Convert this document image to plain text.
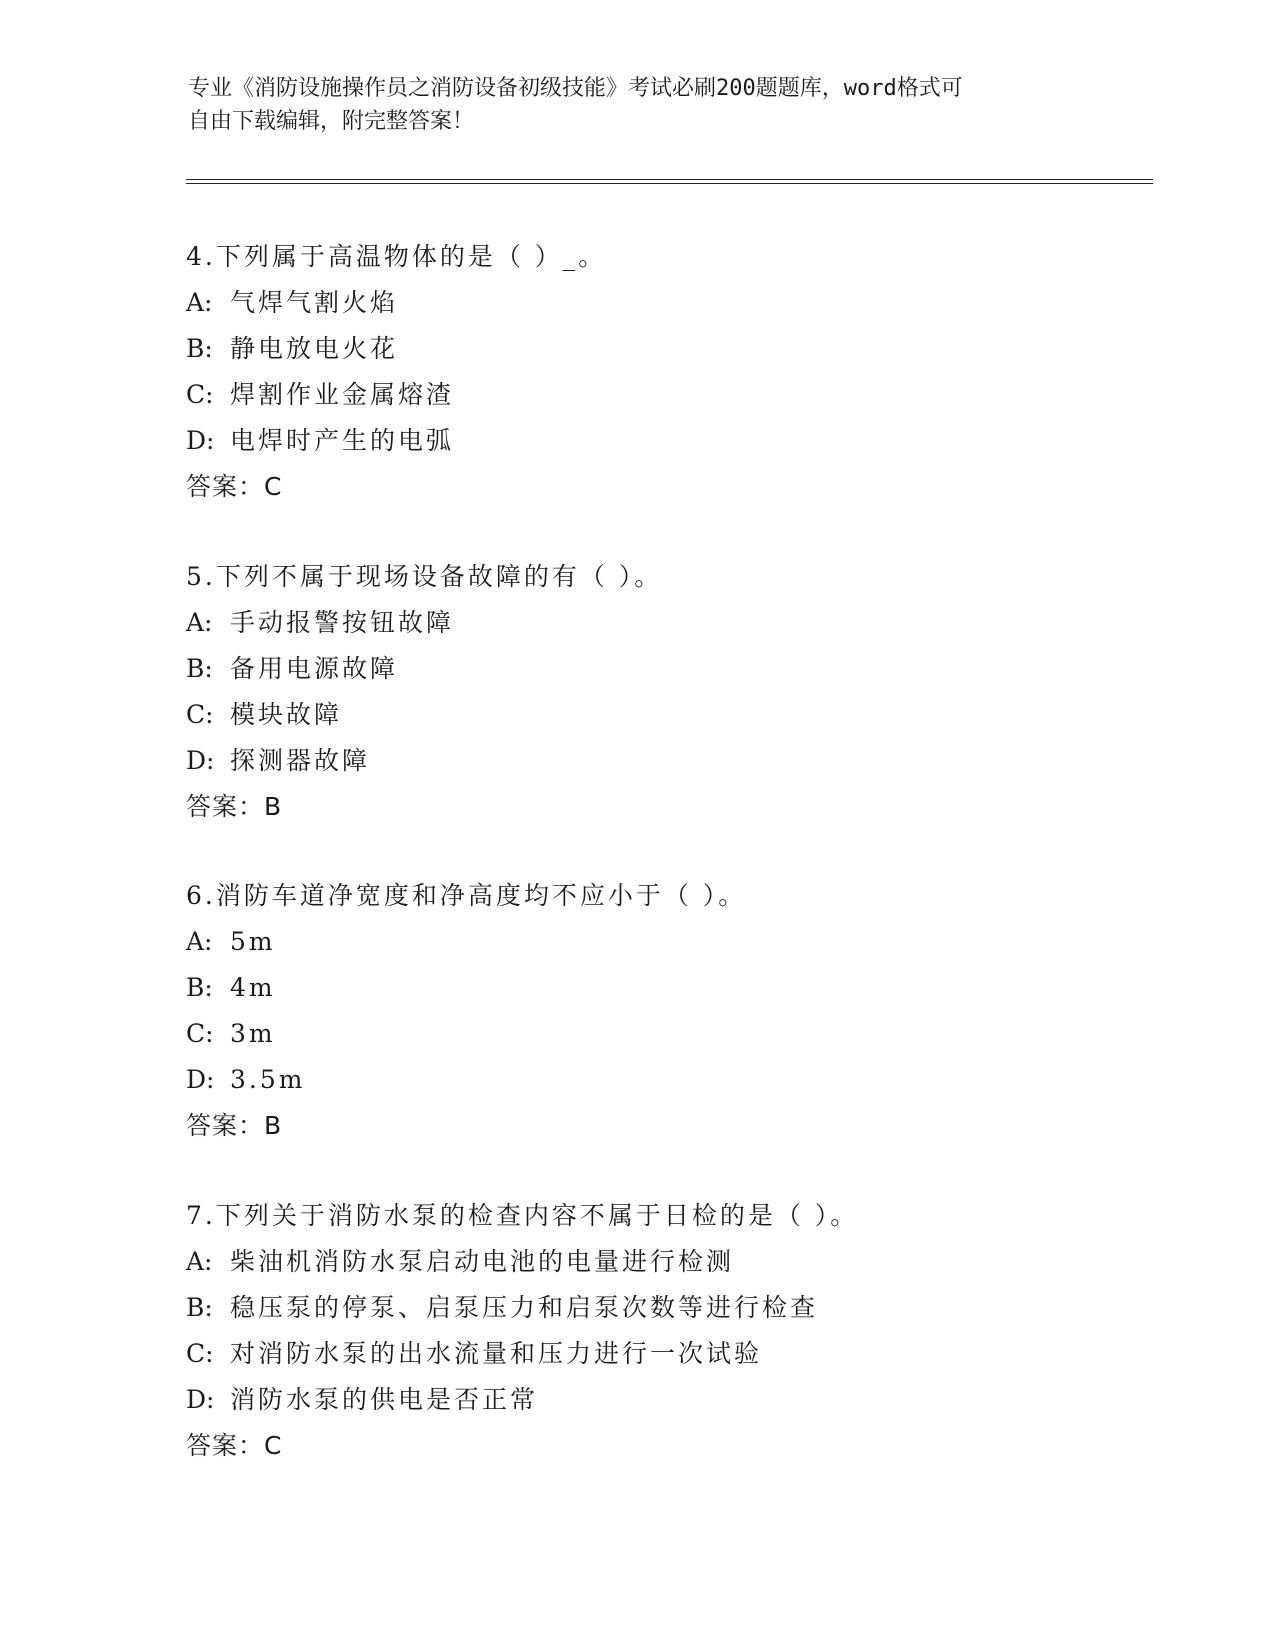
专业《消防设施操作员之消防设备初级技能》考试必刷200题题库，word格式可
自由下载编辑，附完整答案！
4.下列属于高温物体的是（ ）_。
A: 气焊气割火焰
B: 静电放电火花
C: 焊割作业金属熔渣
D: 电焊时产生的电弧
答案：C
5.下列不属于现场设备故障的有（ ）。
A: 手动报警按钮故障
B: 备用电源故障
C: 模块故障
D: 探测器故障
答案：B
6.消防车道净宽度和净高度均不应小于（ ）。
A: 5m
B: 4m
C: 3m
D: 3.5m
答案：B
7.下列关于消防水泵的检查内容不属于日检的是（ ）。
A: 柴油机消防水泵启动电池的电量进行检测
B: 稳压泵的停泵、启泵压力和启泵次数等进行检查
C: 对消防水泵的出水流量和压力进行一次试验
D: 消防水泵的供电是否正常
答案：C
